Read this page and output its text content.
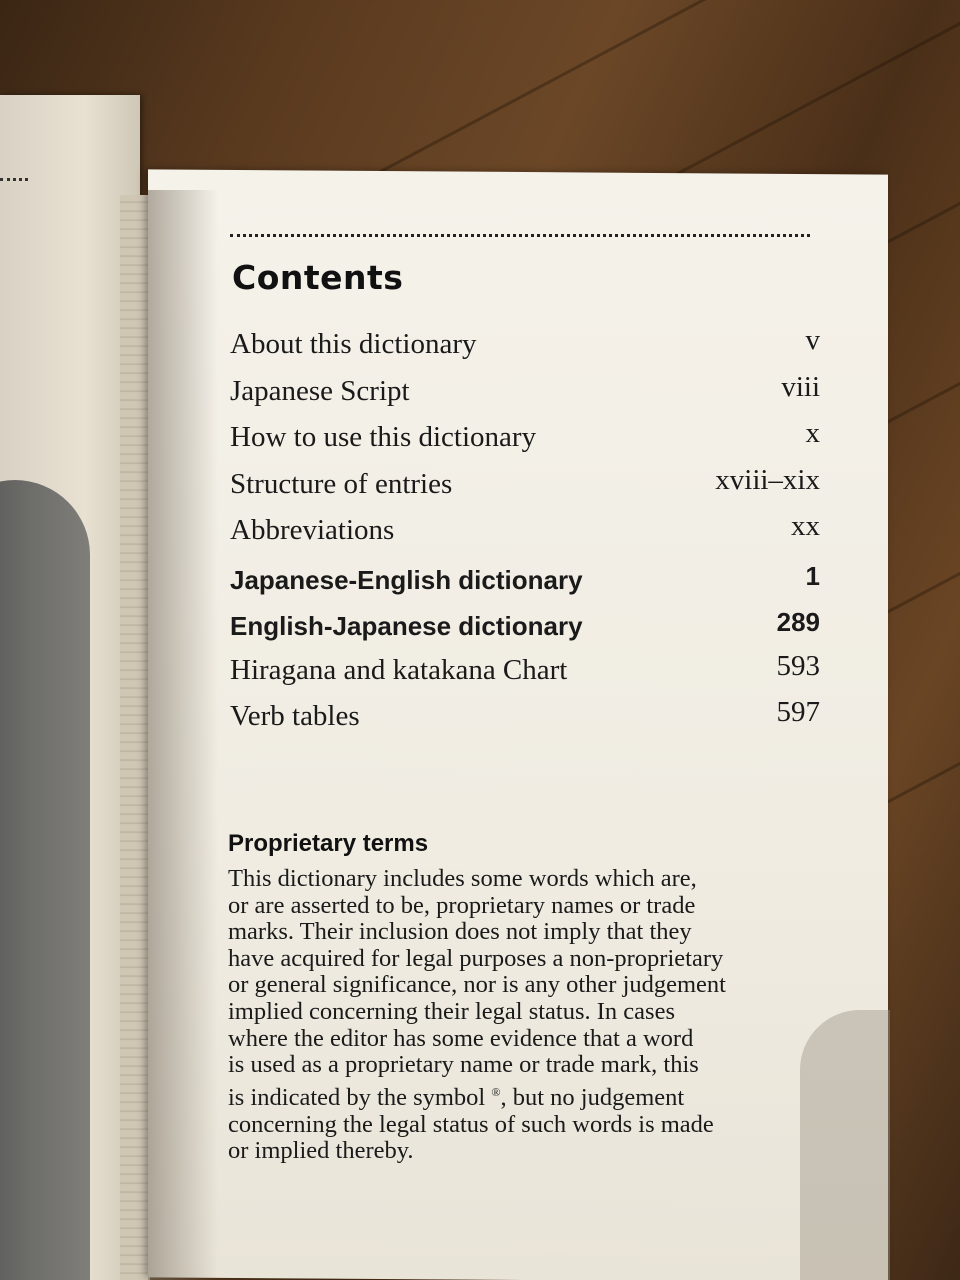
Contents
About this dictionary	v
Japanese Script	viii
How to use this dictionary	x
Structure of entries	xviii–xix
Abbreviations	xx
Japanese-English dictionary	1
English-Japanese dictionary	289
Hiragana and katakana Chart	593
Verb tables	597
Proprietary terms
This dictionary includes some words which are,
or are asserted to be, proprietary names or trade
marks. Their inclusion does not imply that they
have acquired for legal purposes a non-proprietary
or general significance, nor is any other judgement
implied concerning their legal status. In cases
where the editor has some evidence that a word
is used as a proprietary name or trade mark, this
is indicated by the symbol ®, but no judgement
concerning the legal status of such words is made
or implied thereby.
